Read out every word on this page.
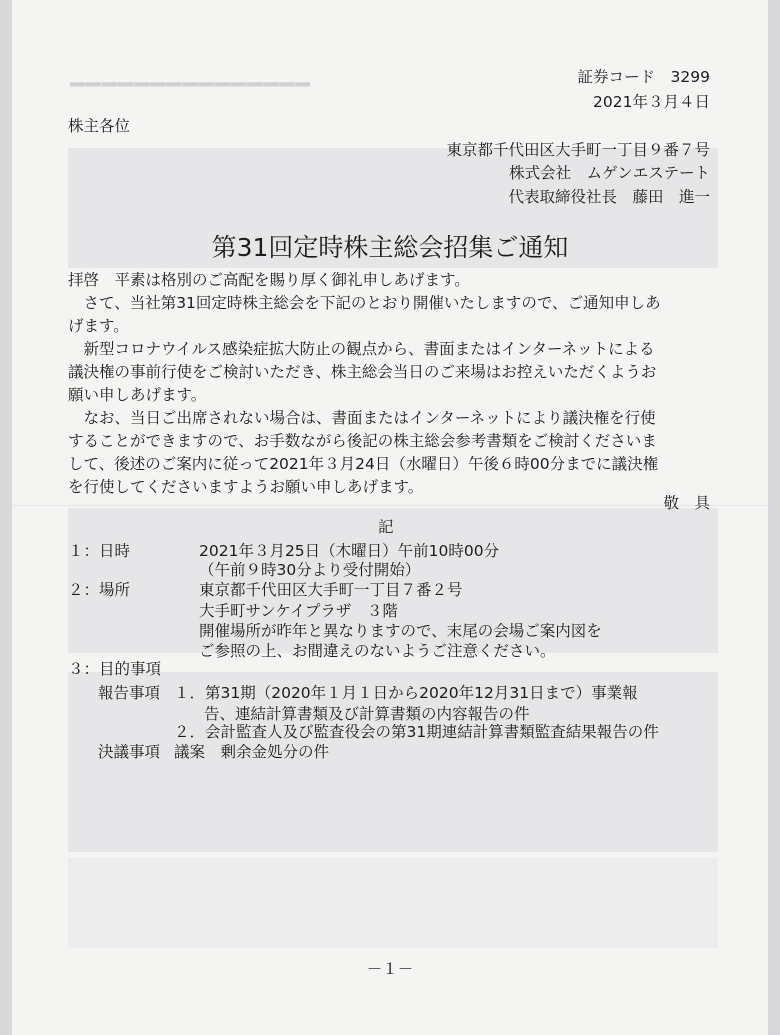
━━━━━━━━━━━━━━━	証券コード　3299
2021年３月４日
株主各位
東京都千代田区大手町一丁目９番７号
株式会社　ムゲンエステート
代表取締役社長　藤田　進一
第31回定時株主総会招集ご通知
拝啓　平素は格別のご高配を賜り厚く御礼申しあげます。
　さて、当社第31回定時株主総会を下記のとおり開催いたしますので、ご通知申しあ
げます。
　新型コロナウイルス感染症拡大防止の観点から、書面またはインターネットによる
議決権の事前行使をご検討いただき、株主総会当日のご来場はお控えいただくようお
願い申しあげます。
　なお、当日ご出席されない場合は、書面またはインターネットにより議決権を行使
することができますので、お手数ながら後記の株主総会参考書類をご検討くださいま
して、後述のご案内に従って2021年３月24日（水曜日）午後６時00分までに議決権
を行使してくださいますようお願い申しあげます。
敬　具
記
１：日時	2021年３月25日（木曜日）午前10時00分
（午前９時30分より受付開始）
２：場所	東京都千代田区大手町一丁目７番２号
大手町サンケイプラザ　３階
開催場所が昨年と異なりますので、末尾の会場ご案内図を
ご参照の上、お間違えのないようご注意ください。
３：目的事項
報告事項 １．第31期（2020年１月１日から2020年12月31日まで）事業報
告、連結計算書類及び計算書類の内容報告の件
２．会計監査人及び監査役会の第31期連結計算書類監査結果報告の件
決議事項 議案　剰余金処分の件
－１－
